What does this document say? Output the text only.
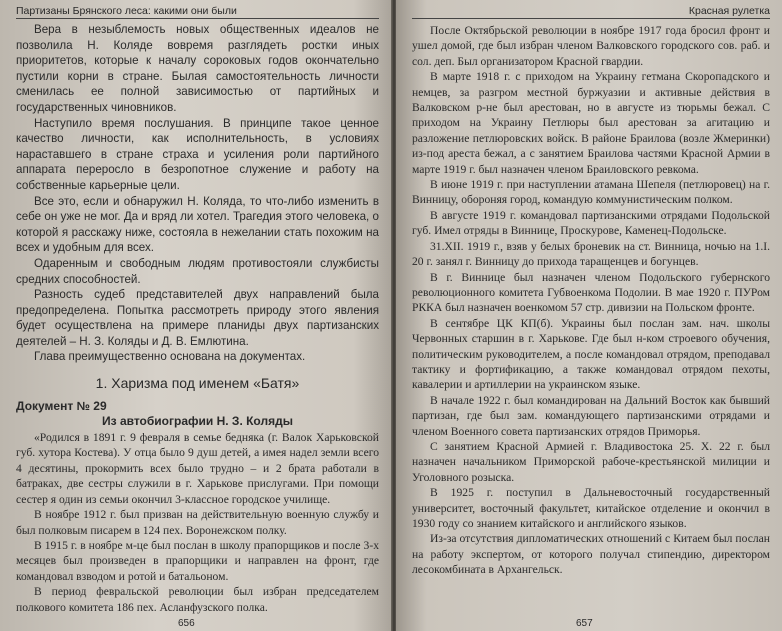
Партизаны Брянского леса: какими они были

Вера в незыблемость новых общественных идеалов не позволила Н. Коляде вовремя разглядеть ростки иных приоритетов, которые к началу сороковых годов окончательно пустили корни в стране. Былая самостоятельность личности сменилась ее полной зависимостью от партийных и государственных чиновников.

Наступило время послушания. В принципе такое ценное качество личности, как исполнительность, в условиях нараставшего в стране страха и усиления роли партийного аппарата переросло в безропотное служение и работу на собственные карьерные цели.

Все это, если и обнаружил Н. Коляда, то что-либо изменить в себе он уже не мог. Да и вряд ли хотел. Трагедия этого человека, о которой я расскажу ниже, состояла в нежелании стать похожим на всех и удобным для всех.

Одаренным и свободным людям противостояли службисты средних способностей.

Разность судеб представителей двух направлений была предопределена. Попытка рассмотреть природу этого явления будет осуществлена на примере планиды двух партизанских деятелей – Н. З. Коляды и Д. В. Емлютина.

Глава преимущественно основана на документах.

1. Харизма под именем «Батя»
Документ № 29
Из автобиографии Н. З. Коляды

«Родился в 1891 г. 9 февраля в семье бедняка (г. Валок Харьковской губ. хутора Костева). У отца было 9 душ детей, а имея надел земли всего 4 десятины, прокормить всех было трудно – и 2 брата работали в батраках, две сестры служили в г. Харькове прислугами. При помощи сестер я один из семьи окончил 3-классное городское училище.

В ноябре 1912 г. был призван на действительную военную службу и был полковым писарем в 124 пех. Воронежском полку.

В 1915 г. в ноябре м-це был послан в школу прапорщиков и после 3-х месяцев был произведен в прапорщики и направлен на фронт, где командовал взводом и ротой и батальоном.

В период февральской революции был избран председателем полкового комитета 186 пех. Асланфузского полка.

656
Красная рулетка

После Октябрьской революции в ноябре 1917 года бросил фронт и ушел домой, где был избран членом Валковского городского сов. раб. и сол. деп. Был организатором Красной гвардии.

В марте 1918 г. с приходом на Украину гетмана Скоропадского и немцев, за разгром местной буржуазии и активные действия в Валковском р-не был арестован, но в августе из тюрьмы бежал. С приходом на Украину Петлюры был арестован за агитацию и разложение петлюровских войск. В районе Браилова (возле Жмеринки) из-под ареста бежал, а с занятием Браилова частями Красной Армии в марте 1919 г. был назначен членом Браиловского ревкома.

В июне 1919 г. при наступлении атамана Шепеля (петлюровец) на г. Винницу, обороняя город, командую коммунистическим полком.

В августе 1919 г. командовал партизанскими отрядами Подольской губ. Имел отряды в Виннице, Проскурове, Каменец-Подольске.

31.XII. 1919 г., взяв у белых броневик на ст. Винница, ночью на 1.I. 20 г. занял г. Винницу до прихода таращенцев и богунцев.

В г. Виннице был назначен членом Подольского губернского революционного комитета Губвоенкома Подолии. В мае 1920 г. ПУРом РККА был назначен военкомом 57 стр. дивизии на Польском фронте.

В сентябре ЦК КП(б). Украины был послан зам. нач. школы Червонных старшин в г. Харькове. Где был н-ком строевого обучения, политическим руководителем, а после командовал отрядом, преподавал тактику и фортификацию, а также командовал отрядом пехоты, кавалерии и артиллерии на украинском языке.

В начале 1922 г. был командирован на Дальний Восток как бывший партизан, где был зам. командующего партизанскими отрядами и членом Военного совета партизанских отрядов Приморья.

С занятием Красной Армией г. Владивостока 25. X. 22 г. был назначен начальником Приморской рабоче-крестьянской милиции и Уголовного розыска.

В 1925 г. поступил в Дальневосточный государственный университет, восточный факультет, китайское отделение и окончил в 1930 году со знанием китайского и английского языков.

Из-за отсутствия дипломатических отношений с Китаем был послан на работу экспертом, от которого получал стипендию, директором лесокомбината в Архангельск.

657
